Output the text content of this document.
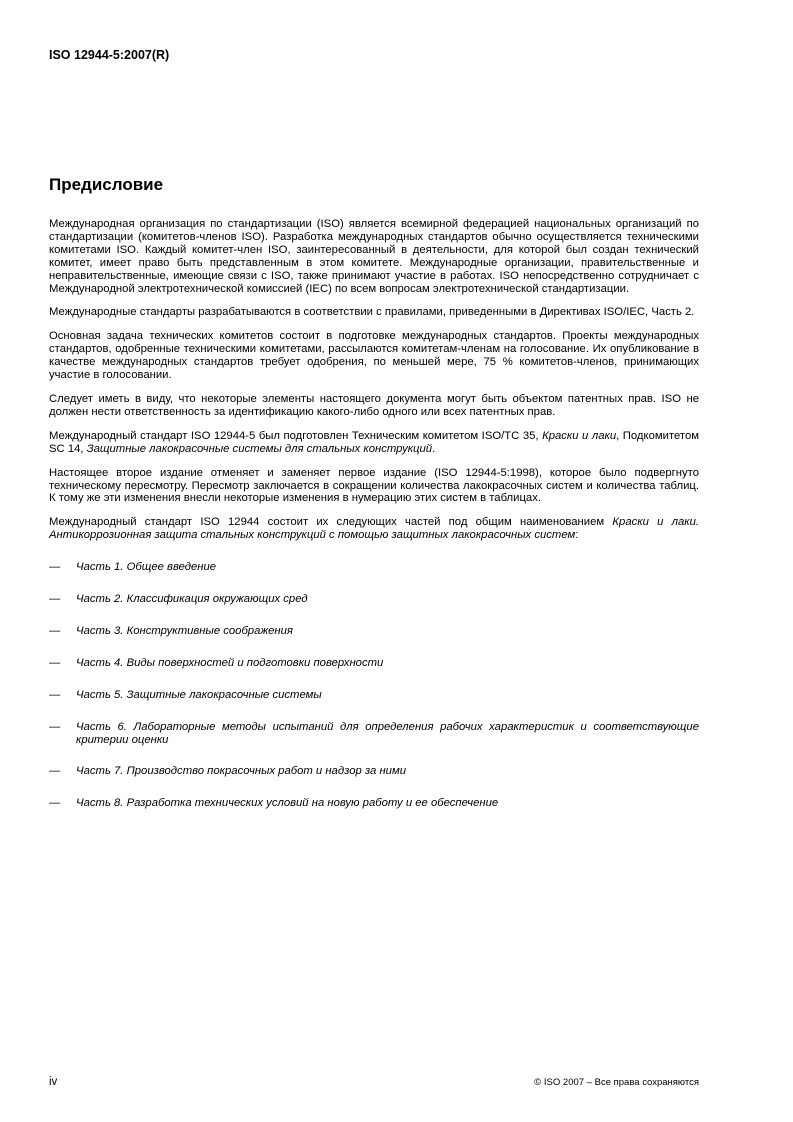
ISO 12944-5:2007(R)
Предисловие

Международная организация по стандартизации (ISO) является всемирной федерацией национальных организаций по стандартизации (комитетов-членов ISO). Разработка международных стандартов обычно осуществляется техническими комитетами ISO. Каждый комитет-член ISO, заинтересованный в деятельности, для которой был создан технический комитет, имеет право быть представленным в этом комитете. Международные организации, правительственные и неправительственные, имеющие связи с ISO, также принимают участие в работах. ISO непосредственно сотрудничает с Международной электротехнической комиссией (IEC) по всем вопросам электротехнической стандартизации.

Международные стандарты разрабатываются в соответствии с правилами, приведенными в Директивах ISO/IEC, Часть 2.

Основная задача технических комитетов состоит в подготовке международных стандартов. Проекты международных стандартов, одобренные техническими комитетами, рассылаются комитетам-членам на голосование. Их опубликование в качестве международных стандартов требует одобрения, по меньшей мере, 75 % комитетов-членов, принимающих участие в голосовании.

Следует иметь в виду, что некоторые элементы настоящего документа могут быть объектом патентных прав. ISO не должен нести ответственность за идентификацию какого-либо одного или всех патентных прав.

Международный стандарт ISO 12944-5 был подготовлен Техническим комитетом ISO/TC 35, Краски и лаки, Подкомитетом SC 14, Защитные лакокрасочные системы для стальных конструкций.

Настоящее второе издание отменяет и заменяет первое издание (ISO 12944-5:1998), которое было подвергнуто техническому пересмотру. Пересмотр заключается в сокращении количества лакокрасочных систем и количества таблиц. К тому же эти изменения внесли некоторые изменения в нумерацию этих систем в таблицах.

Международный стандарт ISO 12944 состоит их следующих частей под общим наименованием Краски и лаки. Антикоррозионная защита стальных конструкций с помощью защитных лакокрасочных систем:

—	Часть 1. Общее введение
—	Часть 2. Классификация окружающих сред
—	Часть 3. Конструктивные соображения
—	Часть 4. Виды поверхностей и подготовки поверхности
—	Часть 5. Защитные лакокрасочные системы
—	Часть 6. Лабораторные методы испытаний для определения рабочих характеристик и соответствующие критерии оценки
—	Часть 7. Производство покрасочных работ и надзор за ними
—	Часть 8. Разработка технических условий на новую работу и ее обеспечение
iv	© ISO 2007 – Все права сохраняются
